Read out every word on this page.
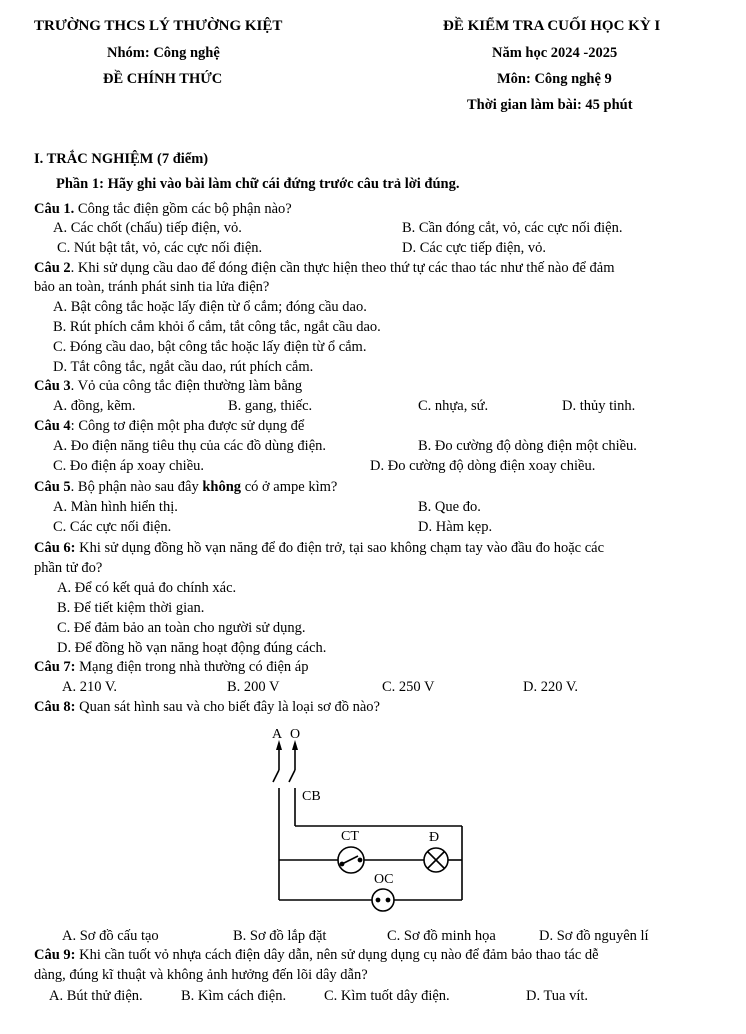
TRƯỜNG THCS LÝ THƯỜNG KIỆT	ĐỀ KIỂM TRA CUỐI HỌC KỲ I
Nhóm: Công nghệ	Năm học 2024 -2025
ĐỀ CHÍNH THỨC	Môn: Công nghệ 9
Thời gian làm bài: 45 phút
I. TRẮC NGHIỆM (7 điểm)
Phần 1: Hãy ghi vào bài làm chữ cái đứng trước câu trả lời đúng.
Câu 1. Công tắc điện gồm các bộ phận nào?
A. Các chốt (chấu) tiếp điện, vỏ.	B. Cần đóng cắt, vỏ, các cực nối điện.
C. Nút bật tắt, vỏ, các cực nối điện.	D. Các cực tiếp điện, vỏ.
Câu 2. Khi sử dụng cầu dao để đóng điện cần thực hiện theo thứ tự các thao tác như thế nào để đảm
bảo an toàn, tránh phát sinh tia lửa điện?
A. Bật công tắc hoặc lấy điện từ ổ cắm; đóng cầu dao.
B. Rút phích cắm khỏi ổ cắm, tắt công tắc, ngắt cầu dao.
C. Đóng cầu dao, bật công tắc hoặc lấy điện từ ổ cắm.
D. Tắt công tắc, ngắt cầu dao, rút phích cắm.
Câu 3. Vỏ của công tắc điện thường làm bằng
A. đồng, kẽm.	B. gang, thiếc.	C. nhựa, sứ.	D. thủy tinh.
Câu 4: Công tơ điện một pha được sử dụng để
A. Đo điện năng tiêu thụ của các đồ dùng điện.	B. Đo cường độ dòng điện một chiều.
C. Đo điện áp xoay chiều.	D. Đo cường độ dòng điện xoay chiều.
Câu 5. Bộ phận nào sau đây không có ở ampe kìm?
A. Màn hình hiển thị.	B. Que đo.
C. Các cực nối điện.	D. Hàm kẹp.
Câu 6: Khi sử dụng đồng hồ vạn năng để đo điện trở, tại sao không chạm tay vào đầu đo hoặc các
phần tử đo?
A. Để có kết quả đo chính xác.
B. Để tiết kiệm thời gian.
C. Để đảm bảo an toàn cho người sử dụng.
D. Để đồng hồ vạn năng hoạt động đúng cách.
Câu 7: Mạng điện trong nhà thường có điện áp
A. 210 V.	B. 200 V	C. 250 V	D. 220 V.
Câu 8: Quan sát hình sau và cho biết đây là loại sơ đồ nào?
A O
CB
CT	Đ
OC
A. Sơ đồ cấu tạo	B. Sơ đồ lắp đặt	C. Sơ đồ minh họa	D. Sơ đồ nguyên lí
Câu 9: Khi cần tuốt vỏ nhựa cách điện dây dẫn, nên sử dụng dụng cụ nào để đảm bảo thao tác dễ
dàng, đúng kĩ thuật và không ảnh hưởng đến lõi dây dẫn?
A. Bút thử điện.	B. Kìm cách điện.	C. Kìm tuốt dây điện.	D. Tua vít.
